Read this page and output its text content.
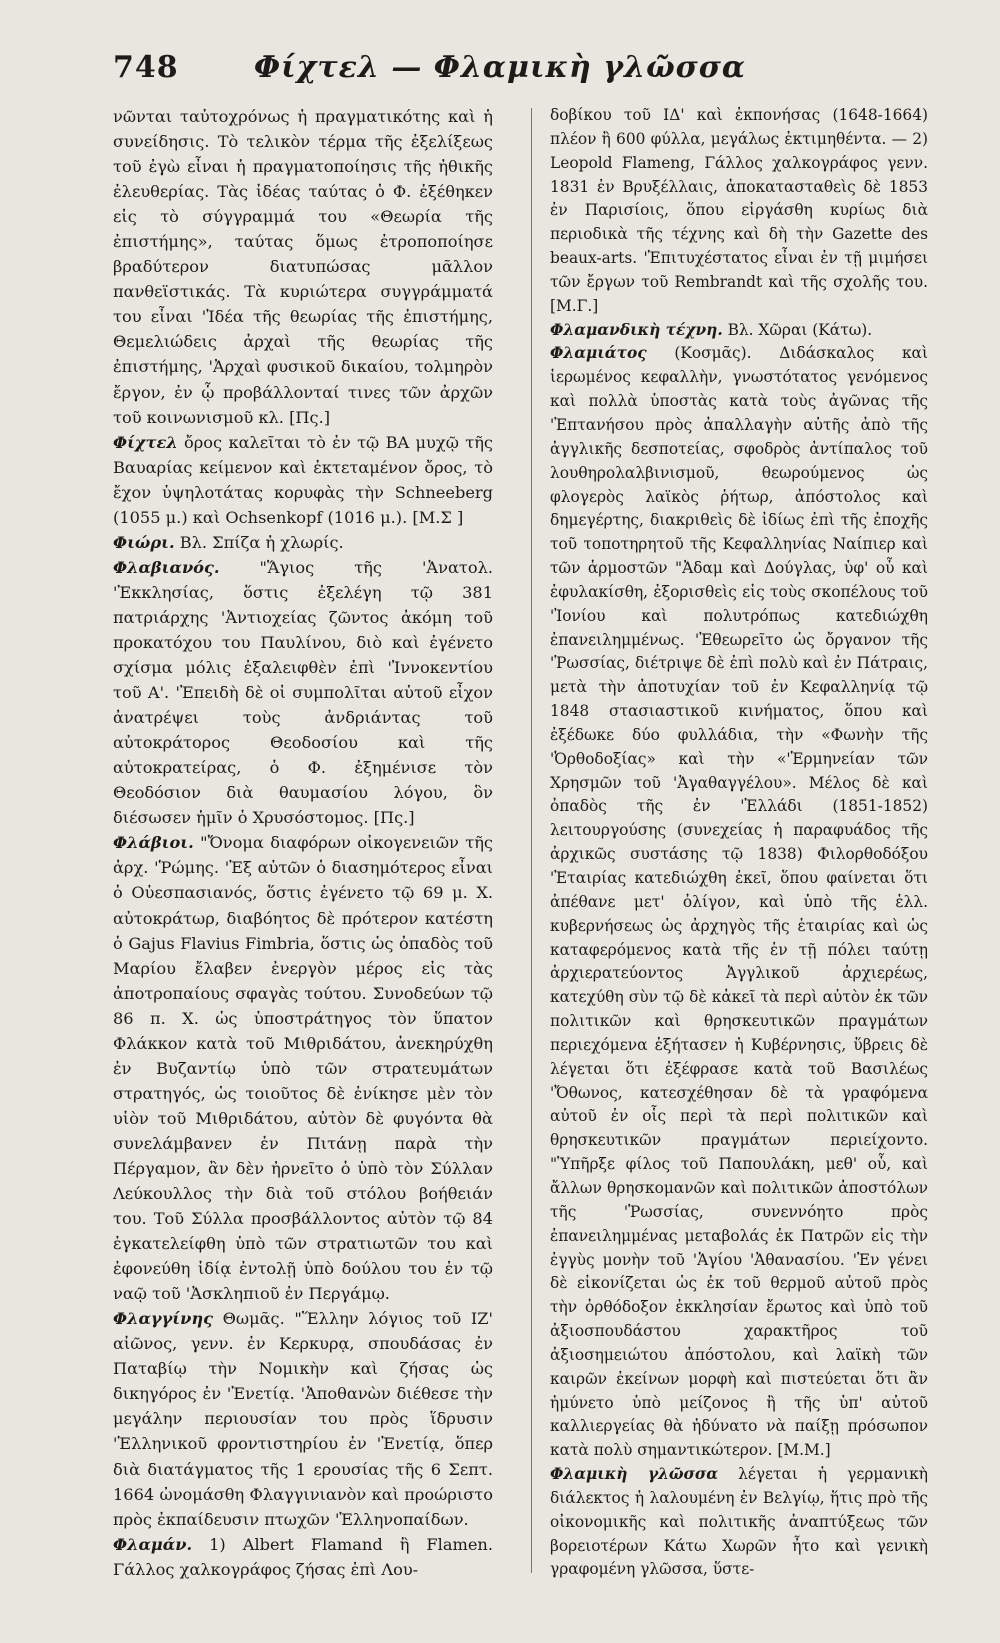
748	Φίχτελ — Φλαμικὴ γλῶσσα

νῶνται ταὐτοχρόνως ἡ πραγματικότης καὶ ἡ συνείδησις. Τὸ τελικὸν τέρμα τῆς ἐξελίξεως τοῦ ἐγὼ εἶναι ἡ πραγματοποίησις τῆς ἠθικῆς ἐλευθερίας. Τὰς ἰδέας ταύτας ὁ Φ. ἐξέθηκεν εἰς τὸ σύγγραμμά του «Θεωρία τῆς ἐπιστήμης», ταύτας ὅμως ἐτροποποίησε βραδύτερον διατυπώσας μᾶλλον πανθεϊστικάς. Τὰ κυριώτερα συγγράμματά του εἶναι 'Ἰδέα τῆς θεωρίας τῆς ἐπιστήμης, Θεμελιώδεις ἀρχαὶ τῆς θεωρίας τῆς ἐπιστήμης, 'Ἀρχαὶ φυσικοῦ δικαίου, τολμηρὸν ἔργον, ἐν ᾧ προβάλλονταί τινες τῶν ἀρχῶν τοῦ κοινωνισμοῦ κλ. [Πς.]

Φίχτελ ὄρος καλεῖται τὸ ἐν τῷ ΒΑ μυχῷ τῆς Βαυαρίας κείμενον καὶ ἐκτεταμένον ὄρος, τὸ ἔχον ὑψηλοτάτας κορυφὰς τὴν Schneeberg (1055 μ.) καὶ Ochsenkopf (1016 μ.). [Μ.Σ ]

Φιώρι. Βλ. Σπίζα ἡ χλωρίς.

Φλαβιανός. "Ἅγιος τῆς 'Ἀνατολ. 'Ἐκκλησίας, ὅστις ἐξελέγη τῷ 381 πατριάρχης 'Ἀντιοχείας ζῶντος ἀκόμη τοῦ προκατόχου του Παυλίνου, διὸ καὶ ἐγένετο σχίσμα μόλις ἐξαλειφθὲν ἐπὶ 'Ἰννοκεντίου τοῦ Α'. 'Ἐπειδὴ δὲ οἱ συμπολῖται αὐτοῦ εἶχον ἀνατρέψει τοὺς ἀνδριάντας τοῦ αὐτοκράτορος Θεοδοσίου καὶ τῆς αὐτοκρατείρας, ὁ Φ. ἐξημένισε τὸν Θεοδόσιον διὰ θαυμασίου λόγου, ὃν διέσωσεν ἡμῖν ὁ Χρυσόστομος. [Πς.]

Φλάβιοι. "Ὄνομα διαφόρων οἰκογενειῶν τῆς ἀρχ. 'Ῥώμης. 'Ἐξ αὐτῶν ὁ διασημότερος εἶναι ὁ Οὐεσπασιανός, ὅστις ἐγένετο τῷ 69 μ. Χ. αὐτοκράτωρ, διαβόητος δὲ πρότερον κατέστη ὁ Gajus Flavius Fimbria, ὅστις ὡς ὀπαδὸς τοῦ Μαρίου ἔλαβεν ἐνεργὸν μέρος εἰς τὰς ἀποτροπαίους σφαγὰς τούτου. Συνοδεύων τῷ 86 π. Χ. ὡς ὑποστράτηγος τὸν ὕπατον Φλάκκον κατὰ τοῦ Μιθριδάτου, ἀνεκηρύχθη ἐν Βυζαντίῳ ὑπὸ τῶν στρατευμάτων στρατηγός, ὡς τοιοῦτος δὲ ἐνίκησε μὲν τὸν υἱὸν τοῦ Μιθριδάτου, αὐτὸν δὲ φυγόντα θὰ συνελάμβανεν ἐν Πιτάνῃ παρὰ τὴν Πέργαμον, ἂν δὲν ἠρνεῖτο ὁ ὑπὸ τὸν Σύλλαν Λεύκουλλος τὴν διὰ τοῦ στόλου βοήθειάν του. Τοῦ Σύλλα προσβάλλοντος αὐτὸν τῷ 84 ἐγκατελείφθη ὑπὸ τῶν στρατιωτῶν του καὶ ἐφονεύθη ἰδίᾳ ἐντολῇ ὑπὸ δούλου του ἐν τῷ ναῷ τοῦ 'Ἀσκληπιοῦ ἐν Περγάμῳ.

Φλαγγίνης Θωμᾶς. "Ἕλλην λόγιος τοῦ ΙΖ' αἰῶνος, γενν. ἐν Κερκυρᾳ, σπουδάσας ἐν Παταβίῳ τὴν Νομικὴν καὶ ζήσας ὡς δικηγόρος ἐν 'Ἐνετίᾳ. 'Ἀποθανὼν διέθεσε τὴν μεγάλην περιουσίαν του πρὸς ἵδρυσιν 'Ἑλληνικοῦ φροντιστηρίου ἐν 'Ἐνετίᾳ, ὅπερ διὰ διατάγματος τῆς 1 ερουσίας τῆς 6 Σεπτ. 1664 ὠνομάσθη Φλαγγινιανὸν καὶ προώριστο πρὸς ἐκπαίδευσιν πτωχῶν 'Ἑλληνοπαίδων.

Φλαμάν. 1) Albert Flamand ἢ Flamen. Γάλλος χαλκογράφος ζήσας ἐπὶ Λου-

δοβίκου τοῦ ΙΔ' καὶ ἐκπονήσας (1648-1664) πλέον ἢ 600 φύλλα, μεγάλως ἐκτιμηθέντα. — 2) Leopold Flameng, Γάλλος χαλκογράφος γενν. 1831 ἐν Βρυξέλλαις, ἀποκατασταθεὶς δὲ 1853 ἐν Παρισίοις, ὅπου εἰργάσθη κυρίως διὰ περιοδικὰ τῆς τέχνης καὶ δὴ τὴν Gazette des beaux-arts. 'Ἐπιτυχέστατος εἶναι ἐν τῇ μιμήσει τῶν ἔργων τοῦ Rembrandt καὶ τῆς σχολῆς του. [Μ.Γ.]

Φλαμανδικὴ τέχνη. Βλ. Χῶραι (Κάτω).

Φλαμιάτος (Κοσμᾶς). Διδάσκαλος καὶ ἱερωμένος κεφαλλὴν, γνωστότατος γενόμενος καὶ πολλὰ ὑποστὰς κατὰ τοὺς ἀγῶνας τῆς 'Ἑπτανήσου πρὸς ἀπαλλαγὴν αὐτῆς ἀπὸ τῆς ἀγγλικῆς δεσποτείας, σφοδρὸς ἀντίπαλος τοῦ λουθηρολαλβινισμοῦ, θεωρούμενος ὡς φλογερὸς λαϊκὸς ῥήτωρ, ἀπόστολος καὶ δημεγέρτης, διακριθεὶς δὲ ἰδίως ἐπὶ τῆς ἐποχῆς τοῦ τοποτηρητοῦ τῆς Κεφαλληνίας Ναίπιερ καὶ τῶν ἁρμοστῶν "Ἀδαμ καὶ Δούγλας, ὑφ' οὗ καὶ ἐφυλακίσθη, ἐξορισθεὶς εἰς τοὺς σκοπέλους τοῦ 'Ἰονίου καὶ πολυτρόπως κατεδιώχθη ἐπανειλημμένως. 'Ἐθεωρεῖτο ὡς ὄργανον τῆς 'Ῥωσσίας, διέτριψε δὲ ἐπὶ πολὺ καὶ ἐν Πάτραις, μετὰ τὴν ἀποτυχίαν τοῦ ἐν Κεφαλληνίᾳ τῷ 1848 στασιαστικοῦ κινήματος, ὅπου καὶ ἐξέδωκε δύο φυλλάδια, τὴν «Φωνὴν τῆς 'Ὀρθοδοξίας» καὶ τὴν «'Ἑρμηνείαν τῶν Χρησμῶν τοῦ 'Ἀγαθαγγέλου». Μέλος δὲ καὶ ὀπαδὸς τῆς ἐν 'Ἑλλάδι (1851-1852) λειτουργούσης (συνεχείας ἡ παραφυάδος τῆς ἀρχικῶς συστάσης τῷ 1838) Φιλορθοδόξου 'Ἑταιρίας κατεδιώχθη ἐκεῖ, ὅπου φαίνεται ὅτι ἀπέθανε μετ' ὀλίγον, καὶ ὑπὸ τῆς ἑλλ. κυβερνήσεως ὡς ἀρχηγὸς τῆς ἑταιρίας καὶ ὡς καταφερόμενος κατὰ τῆς ἐν τῇ πόλει ταύτῃ ἀρχιερατεύοντος Ἀγγλικοῦ ἀρχιερέως, κατεχύθη σὺν τῷ δὲ κἀκεῖ τὰ περὶ αὐτὸν ἐκ τῶν πολιτικῶν καὶ θρησκευτικῶν πραγμάτων περιεχόμενα ἐξήτασεν ἡ Κυβέρνησις, ὕβρεις δὲ λέγεται ὅτι ἐξέφρασε κατὰ τοῦ Βασιλέως 'Ὄθωνος, κατεσχέθησαν δὲ τὰ γραφόμενα αὐτοῦ ἐν οἷς περὶ τὰ περὶ πολιτικῶν καὶ θρησκευτικῶν πραγμάτων περιείχοντο. "Ὑπῆρξε φίλος τοῦ Παπουλάκη, μεθ' οὗ, καὶ ἄλλων θρησκομανῶν καὶ πολιτικῶν ἀποστόλων τῆς 'Ῥωσσίας, συνεννόητο πρὸς ἐπανειλημμένας μεταβολάς ἐκ Πατρῶν εἰς τὴν ἐγγὺς μονὴν τοῦ 'Ἁγίου 'Ἀθανασίου. 'Ἐν γένει δὲ εἰκονίζεται ὡς ἐκ τοῦ θερμοῦ αὐτοῦ πρὸς τὴν ὀρθόδοξον ἐκκλησίαν ἔρωτος καὶ ὑπὸ τοῦ ἀξιοσπουδάστου χαρακτῆρος τοῦ ἀξιοσημειώτου ἀπόστολου, καὶ λαϊκὴ τῶν καιρῶν ἐκείνων μορφὴ καὶ πιστεύεται ὅτι ἂν ἠμύνετο ὑπὸ μείζονος ἢ τῆς ὑπ' αὐτοῦ καλλιεργείας θὰ ἠδύνατο νὰ παίξῃ πρόσωπον κατὰ πολὺ σημαντικώτερον. [Μ.Μ.]

Φλαμικὴ γλῶσσα λέγεται ἡ γερμανικὴ διάλεκτος ἡ λαλουμένη ἐν Βελγίῳ, ἥτις πρὸ τῆς οἰκονομικῆς καὶ πολιτικῆς ἀναπτύξεως τῶν βορειοτέρων Κάτω Χωρῶν ἦτο καὶ γενικὴ γραφομένη γλῶσσα, ὕστε-
